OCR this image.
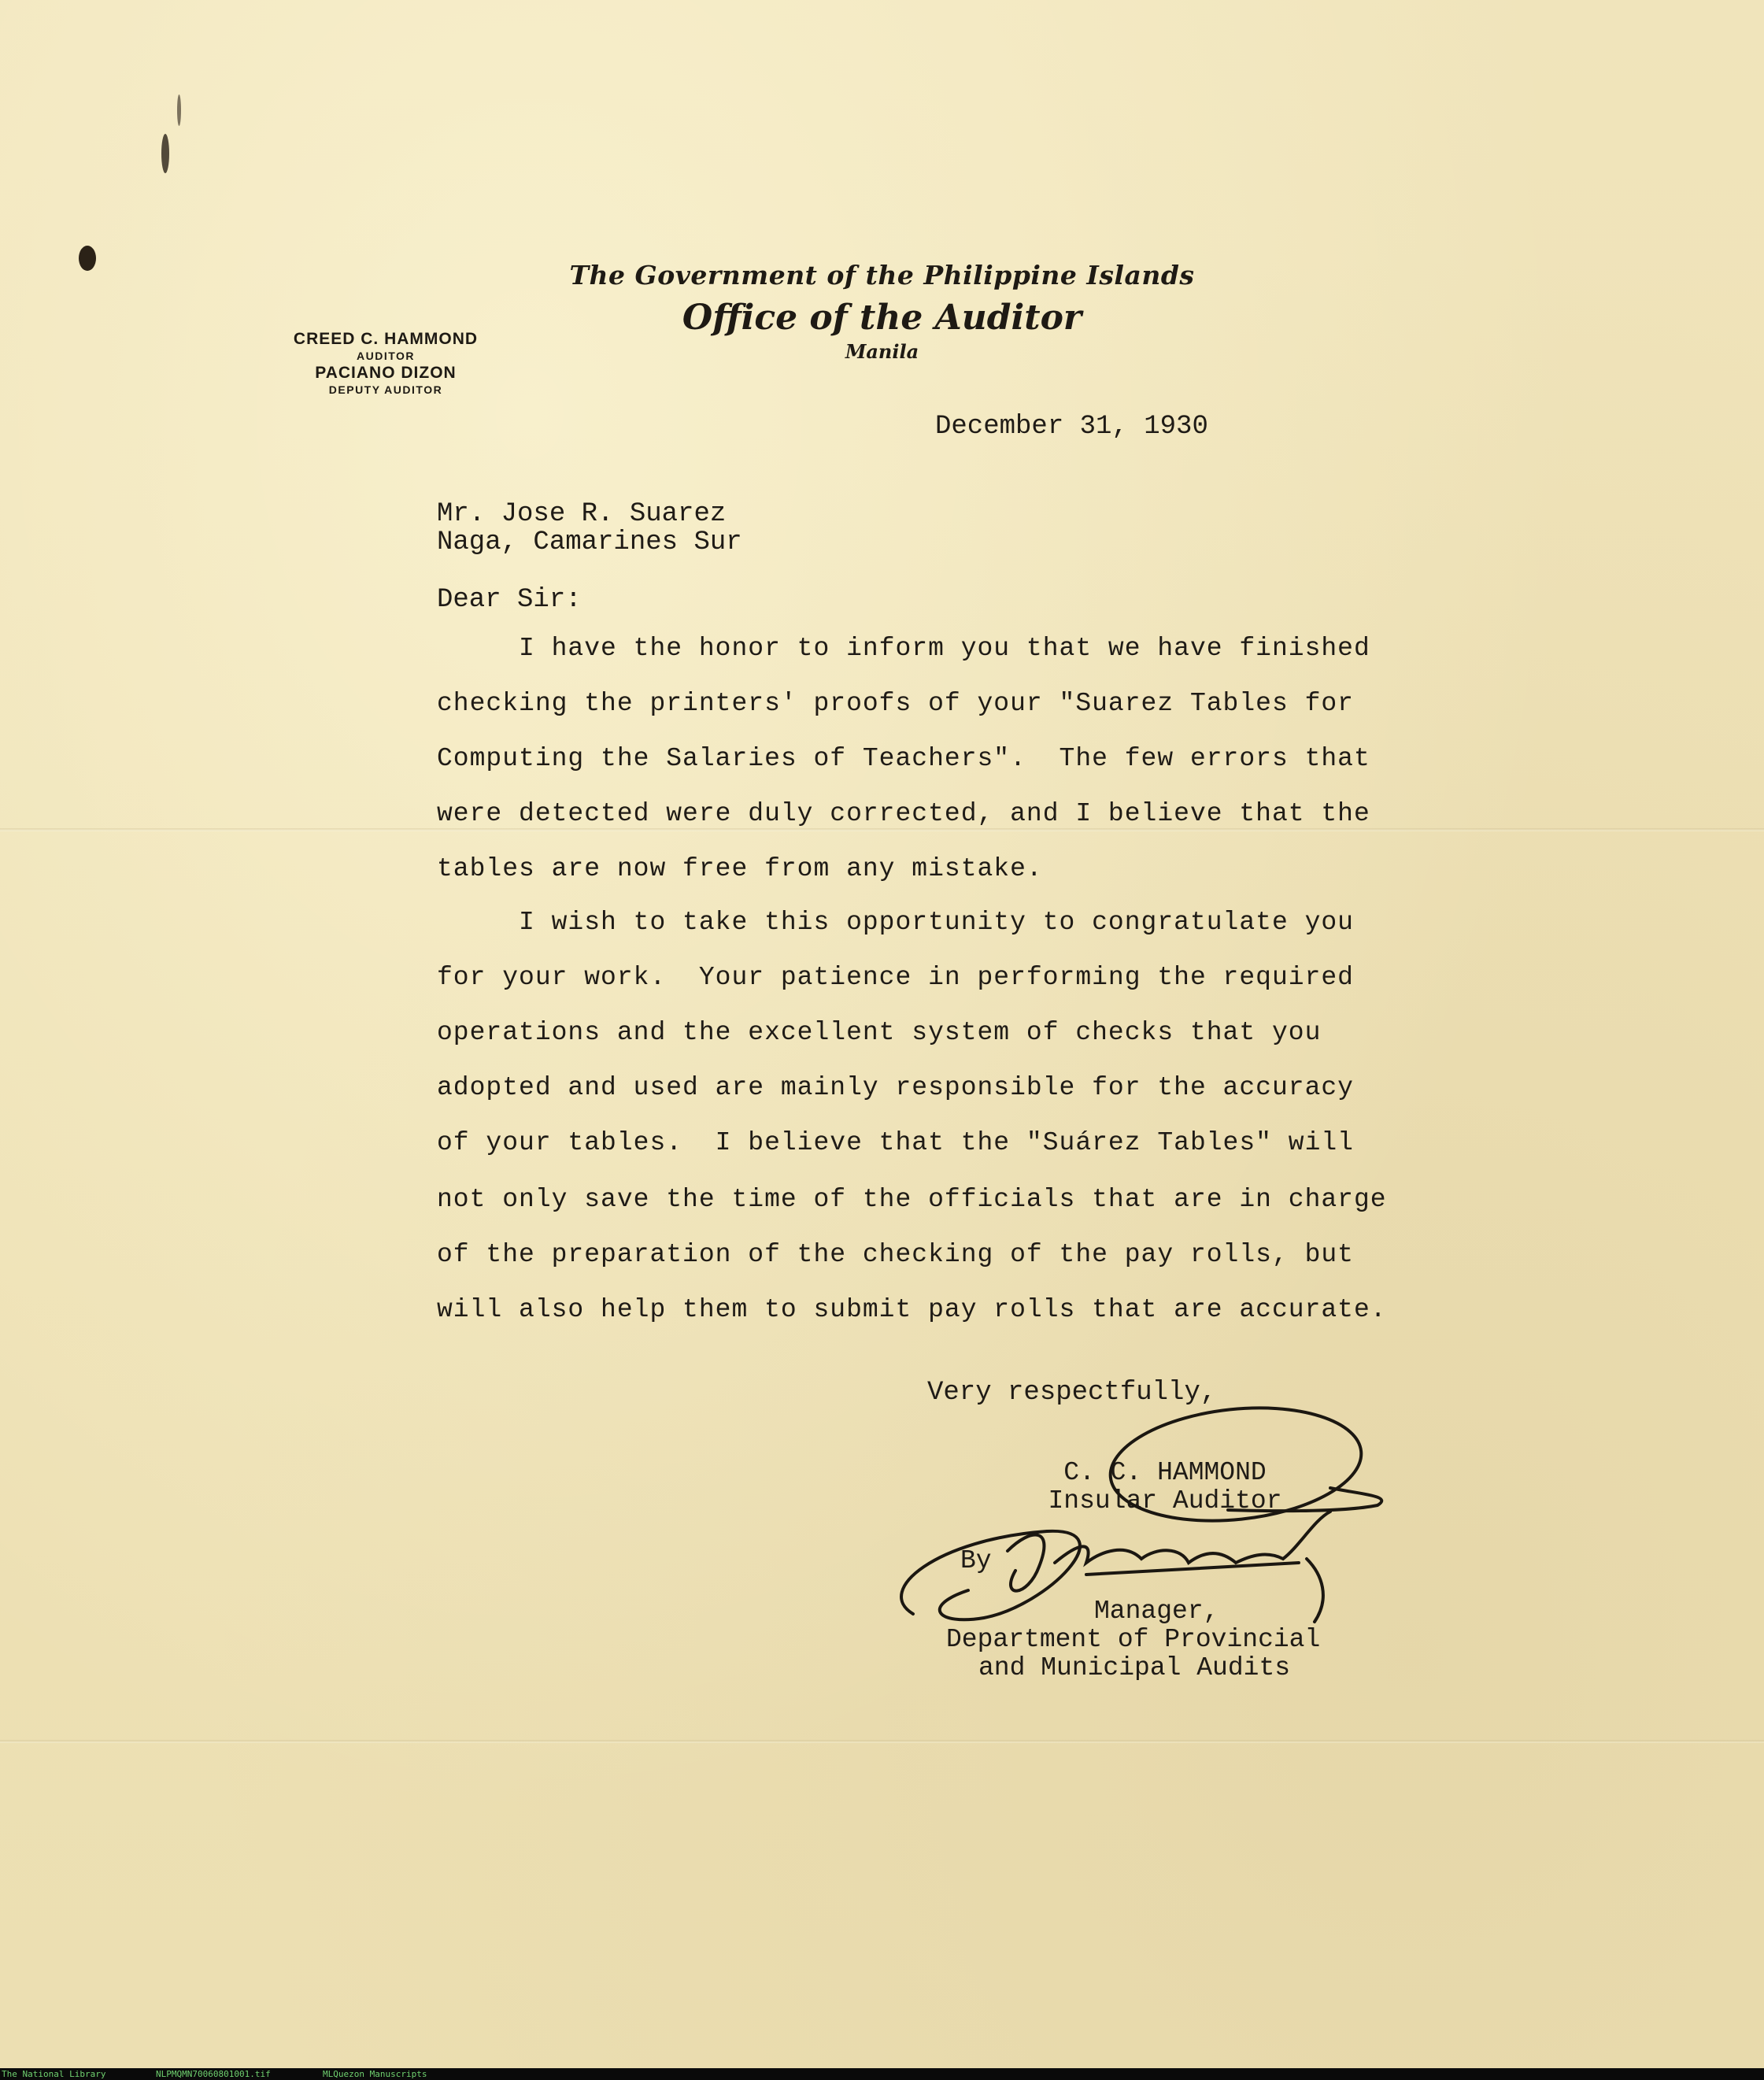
The Government of the Philippine Islands
Office of the Auditor
Manila
CREED C. HAMMOND
AUDITOR
PACIANO DIZON
DEPUTY AUDITOR
December 31, 1930
Mr. Jose R. Suarez
Naga, Camarines Sur
Dear Sir:
I have the honor to inform you that we have finished
checking the printers' proofs of your "Suarez Tables for
Computing the Salaries of Teachers".  The few errors that
were detected were duly corrected, and I believe that the
tables are now free from any mistake.
I wish to take this opportunity to congratulate you
for your work.  Your patience in performing the required
operations and the excellent system of checks that you
adopted and used are mainly responsible for the accuracy
of your tables.  I believe that the "Suárez Tables" will
not only save the time of the officials that are in charge
of the preparation of the checking of the pay rolls, but
will also help them to submit pay rolls that are accurate.
Very respectfully,
C. C. HAMMOND
Insular Auditor
By
Manager,
Department of Provincial
and Municipal Audits
The National Library	NLPMQMN70060801001.tif	MLQuezon Manuscripts
